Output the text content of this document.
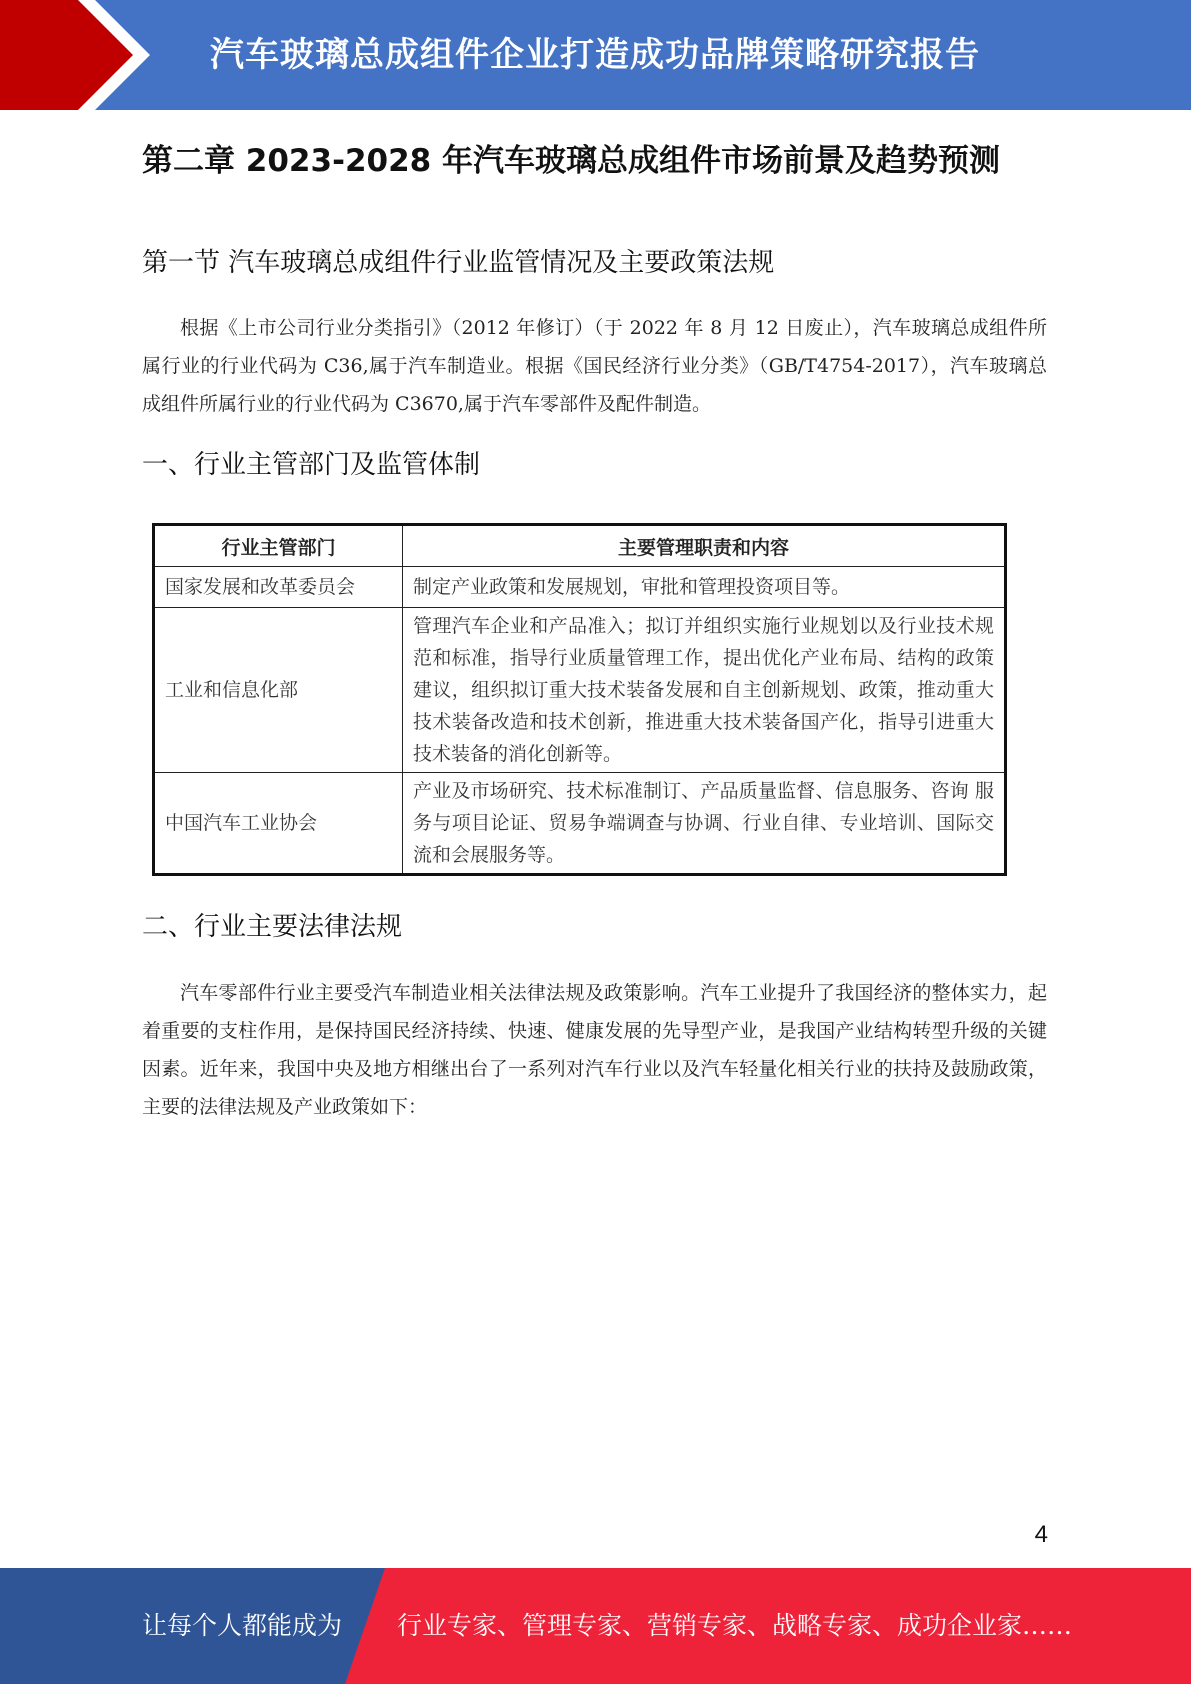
汽车玻璃总成组件企业打造成功品牌策略研究报告
第二章 2023-2028 年汽车玻璃总成组件市场前景及趋势预测
第一节 汽车玻璃总成组件行业监管情况及主要政策法规

根据《上市公司行业分类指引》（2012 年修订）（于 2022 年 8 月 12 日废止），汽车玻璃总成组件所属行业的行业代码为 C36,属于汽车制造业。根据《国民经济行业分类》（GB/T4754-2017），汽车玻璃总成组件所属行业的行业代码为 C3670,属于汽车零部件及配件制造。

一、行业主管部门及监管体制
行业主管部门	主要管理职责和内容
国家发展和改革委员会	制定产业政策和发展规划，审批和管理投资项目等。
工业和信息化部	管理汽车企业和产品准入；拟订并组织实施行业规划以及行业技术规范和标准，指导行业质量管理工作，提出优化产业布局、结构的政策建议，组织拟订重大技术装备发展和自主创新规划、政策，推动重大技术装备改造和技术创新，推进重大技术装备国产化，指导引进重大技术装备的消化创新等。
中国汽车工业协会	产业及市场研究、技术标准制订、产品质量监督、信息服务、咨询 服务与项目论证、贸易争端调查与协调、行业自律、专业培训、国际交流和会展服务等。
二、行业主要法律法规

汽车零部件行业主要受汽车制造业相关法律法规及政策影响。汽车工业提升了我国经济的整体实力，起着重要的支柱作用，是保持国民经济持续、快速、健康发展的先导型产业，是我国产业结构转型升级的关键因素。近年来，我国中央及地方相继出台了一系列对汽车行业以及汽车轻量化相关行业的扶持及鼓励政策，主要的法律法规及产业政策如下：

4
让每个人都能成为 行业专家、管理专家、营销专家、战略专家、成功企业家……
